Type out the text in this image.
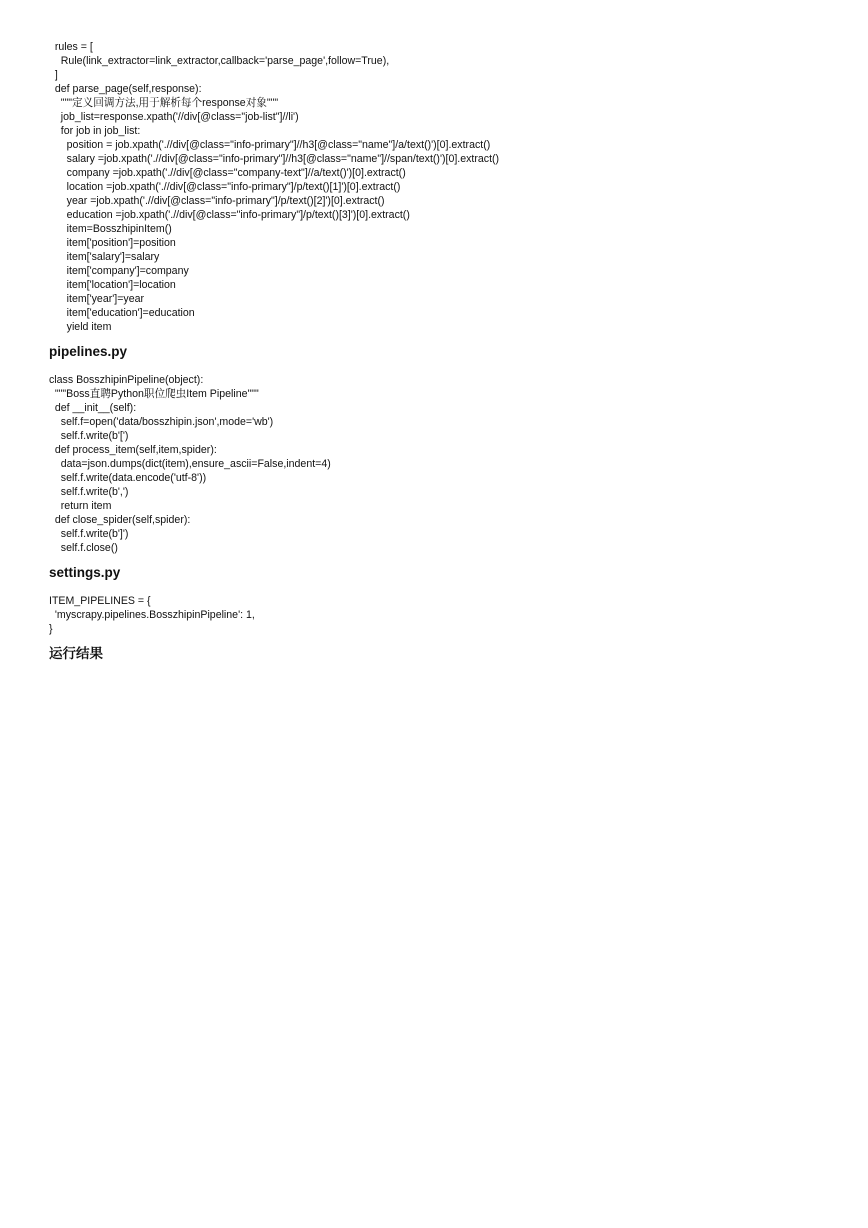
rules = [
Rule(link_extractor=link_extractor,callback='parse_page',follow=True),
]
def parse_page(self,response):
"""定义回调方法,用于解析每个response对象"""
job_list=response.xpath('//div[@class="job-list"]//li')
for job in job_list:
position = job.xpath('.//div[@class="info-primary"]//h3[@class="name"]/a/text()')[0].extract()
salary =job.xpath('.//div[@class="info-primary"]//h3[@class="name"]//span/text()')[0].extract()
company =job.xpath('.//div[@class="company-text"]//a/text()')[0].extract()
location =job.xpath('.//div[@class="info-primary"]/p/text()[1]')[0].extract()
year =job.xpath('.//div[@class="info-primary"]/p/text()[2]')[0].extract()
education =job.xpath('.//div[@class="info-primary"]/p/text()[3]')[0].extract()
item=BosszhipinItem()
item['position']=position
item['salary']=salary
item['company']=company
item['location']=location
item['year']=year
item['education']=education
yield item
pipelines.py
class BosszhipinPipeline(object):
"""Boss直聘Python职位爬虫Item Pipeline"""
def __init__(self):
self.f=open('data/bosszhipin.json',mode='wb')
self.f.write(b'[')
def process_item(self,item,spider):
data=json.dumps(dict(item),ensure_ascii=False,indent=4)
self.f.write(data.encode('utf-8'))
self.f.write(b',')
return item
def close_spider(self,spider):
self.f.write(b']')
self.f.close()
settings.py
ITEM_PIPELINES = {
'myscrapy.pipelines.BosszhipinPipeline': 1,
}
运行结果
